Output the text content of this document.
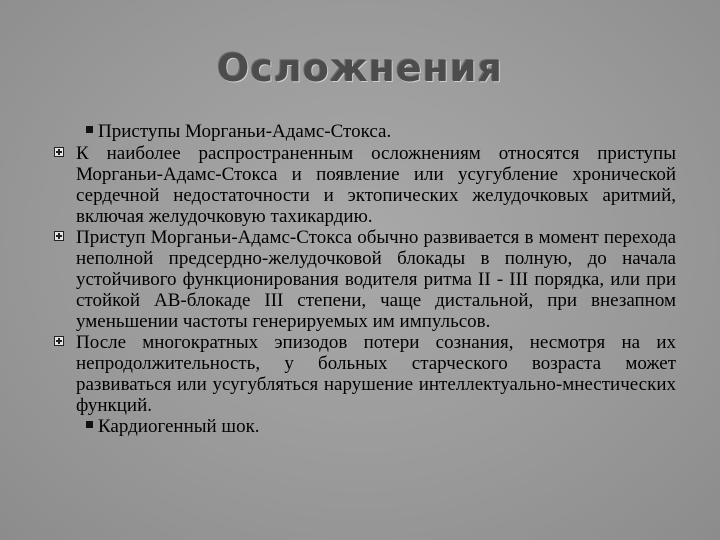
Осложнения
Приступы Морганьи-Адамс-Стокса.
К наиболее распространенным осложнениям относятся приступы Морганьи-Адамс-Стокса и появление или усугубление хронической сердечной недостаточности и эктопических желудочковых аритмий, включая желудочковую тахикардию.
Приступ Морганьи-Адамс-Стокса обычно развивается в момент перехода неполной предсердно-желудочковой блокады в полную, до начала устойчивого функционирования водителя ритма II - III порядка, или при стойкой АВ-блокаде III степени, чаще дистальной, при внезапном уменьшении частоты генерируемых им импульсов.
После многократных эпизодов потери сознания, несмотря на их непродолжительность, у больных старческого возраста может развиваться или усугубляться нарушение интеллектуально-мнестических функций.
Кардиогенный шок.
